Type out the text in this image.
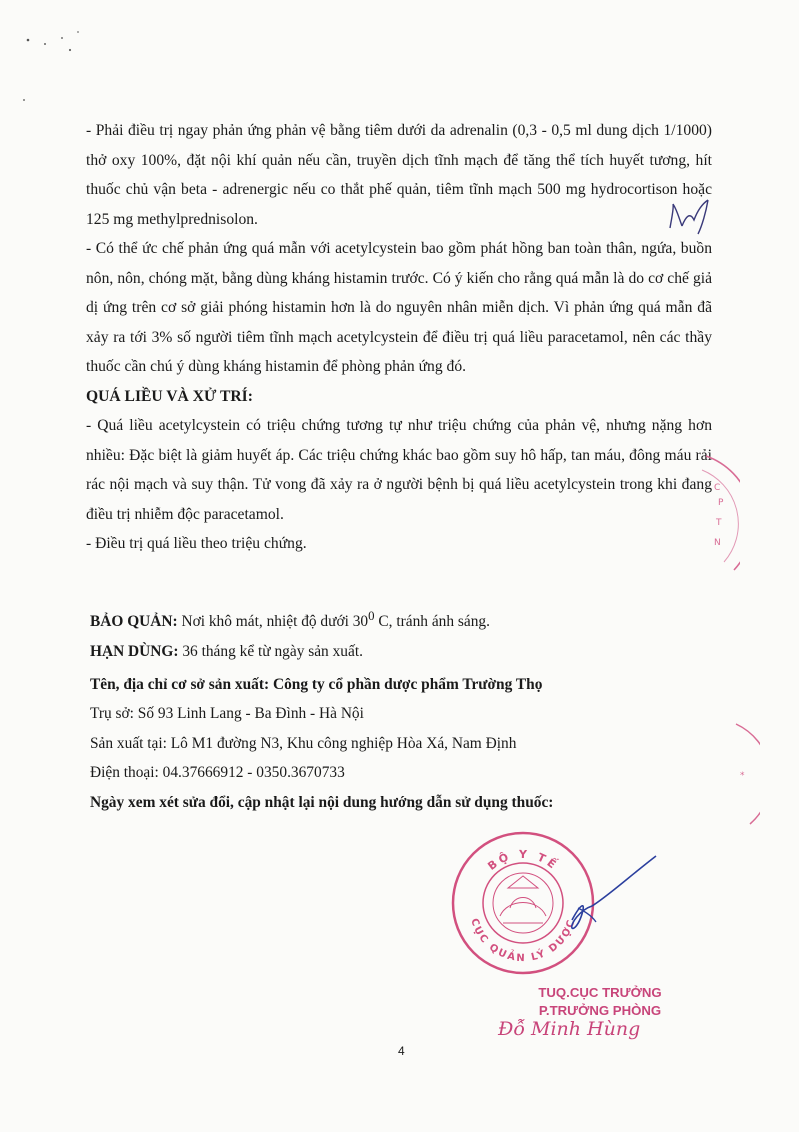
- Phải điều trị ngay phản ứng phản vệ bằng tiêm dưới da adrenalin (0,3 - 0,5 ml dung dịch 1/1000) thở oxy 100%, đặt nội khí quản nếu cần, truyền dịch tĩnh mạch để tăng thể tích huyết tương, hít thuốc chủ vận beta - adrenergic nếu co thắt phế quản, tiêm tĩnh mạch 500 mg hydrocortison hoặc 125 mg methylprednisolon.

- Có thể ức chế phản ứng quá mẫn với acetylcystein bao gồm phát hồng ban toàn thân, ngứa, buồn nôn, nôn, chóng mặt, bằng dùng kháng histamin trước. Có ý kiến cho rằng quá mẫn là do cơ chế giả dị ứng trên cơ sở giải phóng histamin hơn là do nguyên nhân miễn dịch. Vì phản ứng quá mẫn đã xảy ra tới 3% số người tiêm tĩnh mạch acetylcystein để điều trị quá liều paracetamol, nên các thầy thuốc cần chú ý dùng kháng histamin để phòng phản ứng đó.

QUÁ LIỀU VÀ XỬ TRÍ:

- Quá liều acetylcystein có triệu chứng tương tự như triệu chứng của phản vệ, nhưng nặng hơn nhiều: Đặc biệt là giảm huyết áp. Các triệu chứng khác bao gồm suy hô hấp, tan máu, đông máu rải rác nội mạch và suy thận. Tử vong đã xảy ra ở người bệnh bị quá liều acetylcystein trong khi đang điều trị nhiễm độc paracetamol.

- Điều trị quá liều theo triệu chứng.

C
P
T
N
BẢO QUẢN: Nơi khô mát, nhiệt độ dưới $30^0$ C, tránh ánh sáng.
HẠN DÙNG: 36 tháng kể từ ngày sản xuất.

Tên, địa chỉ cơ sở sản xuất: Công ty cổ phần dược phẩm Trường Thọ

Trụ sở: Số 93 Linh Lang - Ba Đình - Hà Nội

Sản xuất tại: Lô M1 đường N3, Khu công nghiệp Hòa Xá, Nam Định

Điện thoại: 04.37666912 - 0350.3670733

Ngày xem xét sửa đổi, cập nhật lại nội dung hướng dẫn sử dụng thuốc:

*
BỘ Y TẾ
CỤC QUẢN LÝ DƯỢC
TUQ.CỤC TRƯỞNG
P.TRƯỞNG PHÒNG
Đỗ Minh Hùng
4
